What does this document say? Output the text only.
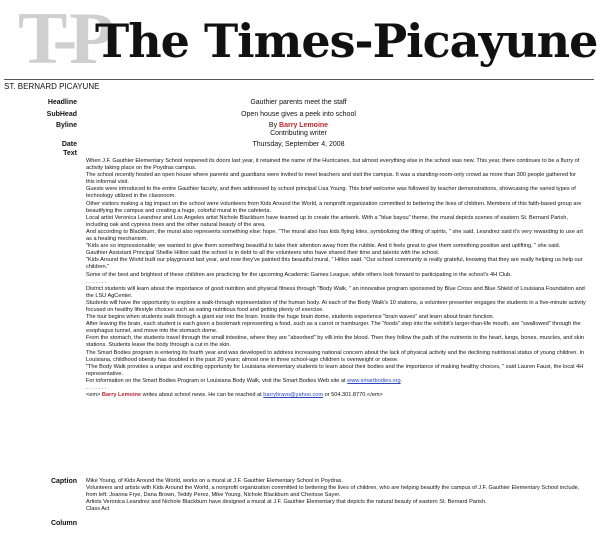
T-P
The Times-Picayune
ST. BERNARD PICAYUNE
Headline	Gauthier parents meet the staff
SubHead	Open house gives a peek into school
Byline	By Barry Lemoine
Contributing writer
Date	Thursday, September 4, 2008
Text

When J.F. Gauthier Elementary School reopened its doors last year, it retained the name of the Hurricanes, but almost everything else in the school was new. This year, there continues to be a flurry of activity taking place on the Poydras campus.

The school recently hosted an open house where parents and guardians were invited to meet teachers and visit the campus. It was a standing-room-only crowd as more than 300 people gathered for this informal visit.

Guests were introduced to the entire Gauthier faculty, and then addressed by school principal Lisa Young. This brief welcome was followed by teacher demonstrations, showcasing the varied types of technology utilized in the classroom.

Other visitors making a big impact on the school were volunteers from Kids Around the World, a nonprofit organization committed to bettering the lives of children. Members of this faith-based group are beautifying the campus and creating a huge, colorful mural in the cafeteria.

Local artist Veronica Leandrez and Los Angeles artist Nichole Blackburn have teamed up to create the artwork. With a "blue bayou" theme, the mural depicts scenes of eastern St. Bernard Parish, including oak and cypress trees and the other natural beauty of the area.

And according to Blackburn, the mural also represents something else: hope. "The mural also has kids flying kites, symbolizing the lifting of spirits, " she said. Leandrez said it's very rewarding to use art as a healing mechanism.

"Kids are so impressionable; we wanted to give them something beautiful to take their attention away from the rubble. And it feels great to give them something positive and uplifting, " she said.

Gauthier Assistant Principal Shellie Hilton said the school is in debt to all the volunteers who have shared their time and talents with the school.

"Kids Around the World built our playground last year, and now they've painted this beautiful mural, " Hilton said. "Our school community is really grateful, knowing that they are really helping us help our children."

Some of the best and brightest of these children are practicing for the upcoming Academic Games League, while others look forward to participating in the school's 4H Club.

. . . . . . .

District students will learn about the importance of good nutrition and physical fitness through "Body Walk, " an innovative program sponsored by Blue Cross and Blue Shield of Louisiana Foundation and the LSU AgCenter.

Students will have the opportunity to explore a walk-through representation of the human body. At each of the Body Walk's 10 stations, a volunteer presenter engages the students in a five-minute activity focused on healthy lifestyle choices such as eating nutritious food and getting plenty of exercise.

The tour begins when students walk through a giant ear into the brain. Inside the huge brain dome, students experience "brain waves" and learn about brain function.

After leaving the brain, each student is each given a bookmark representing a food, such as a carrot or hamburger. The "foods" step into the exhibit's larger-than-life mouth, are "swallowed" through the esophagus tunnel, and move into the stomach dome.

From the stomach, the students travel through the small intestine, where they are "absorbed" by villi into the blood. Then they follow the path of the nutrients to the heart, lungs, bones, muscles, and skin stations. Students leave the body through a cut in the skin.

The Smart Bodies program is entering its fourth year and was developed to address increasing national concern about the lack of physical activity and the declining nutritional status of young children. In Louisiana, childhood obesity has doubled in the past 20 years; almost one in three school-age children is overweight or obese.

"The Body Walk provides a unique and exciting opportunity for Louisiana elementary students to learn about their bodies and the importance of making healthy choices, " said Lauren Faust, the local 4H representative.

For information on the Smart Bodies Program or Louisiana Body Walk, visit the Smart Bodies Web site at www.smartbodies.org.

. . . . . . .

<em> Barry Lemoine writes about school news. He can be reached at barrybravo@yahoo.com or 504.301.8770.</em>

Caption Mike Young, of Kids Around the World, works on a mural at J.F. Gauthier Elementary School in Poydras.

Volunteers and artists with Kids Around the World, a nonprofit organization committed to bettering the lives of children, who are helping beautify the campus of J.F. Gauthier Elementary School include, from left: Joanna Frye, Dana Brown, Teddy Perez, Mike Young, Nichole Blackburn and Cherisse Sayer.

Artists Veronica Leandrez and Nichole Blackburn have designed a mural at J.F. Gauthier Elementary that depicts the natural beauty of eastern St. Bernard Parish.

Class Act

Column
